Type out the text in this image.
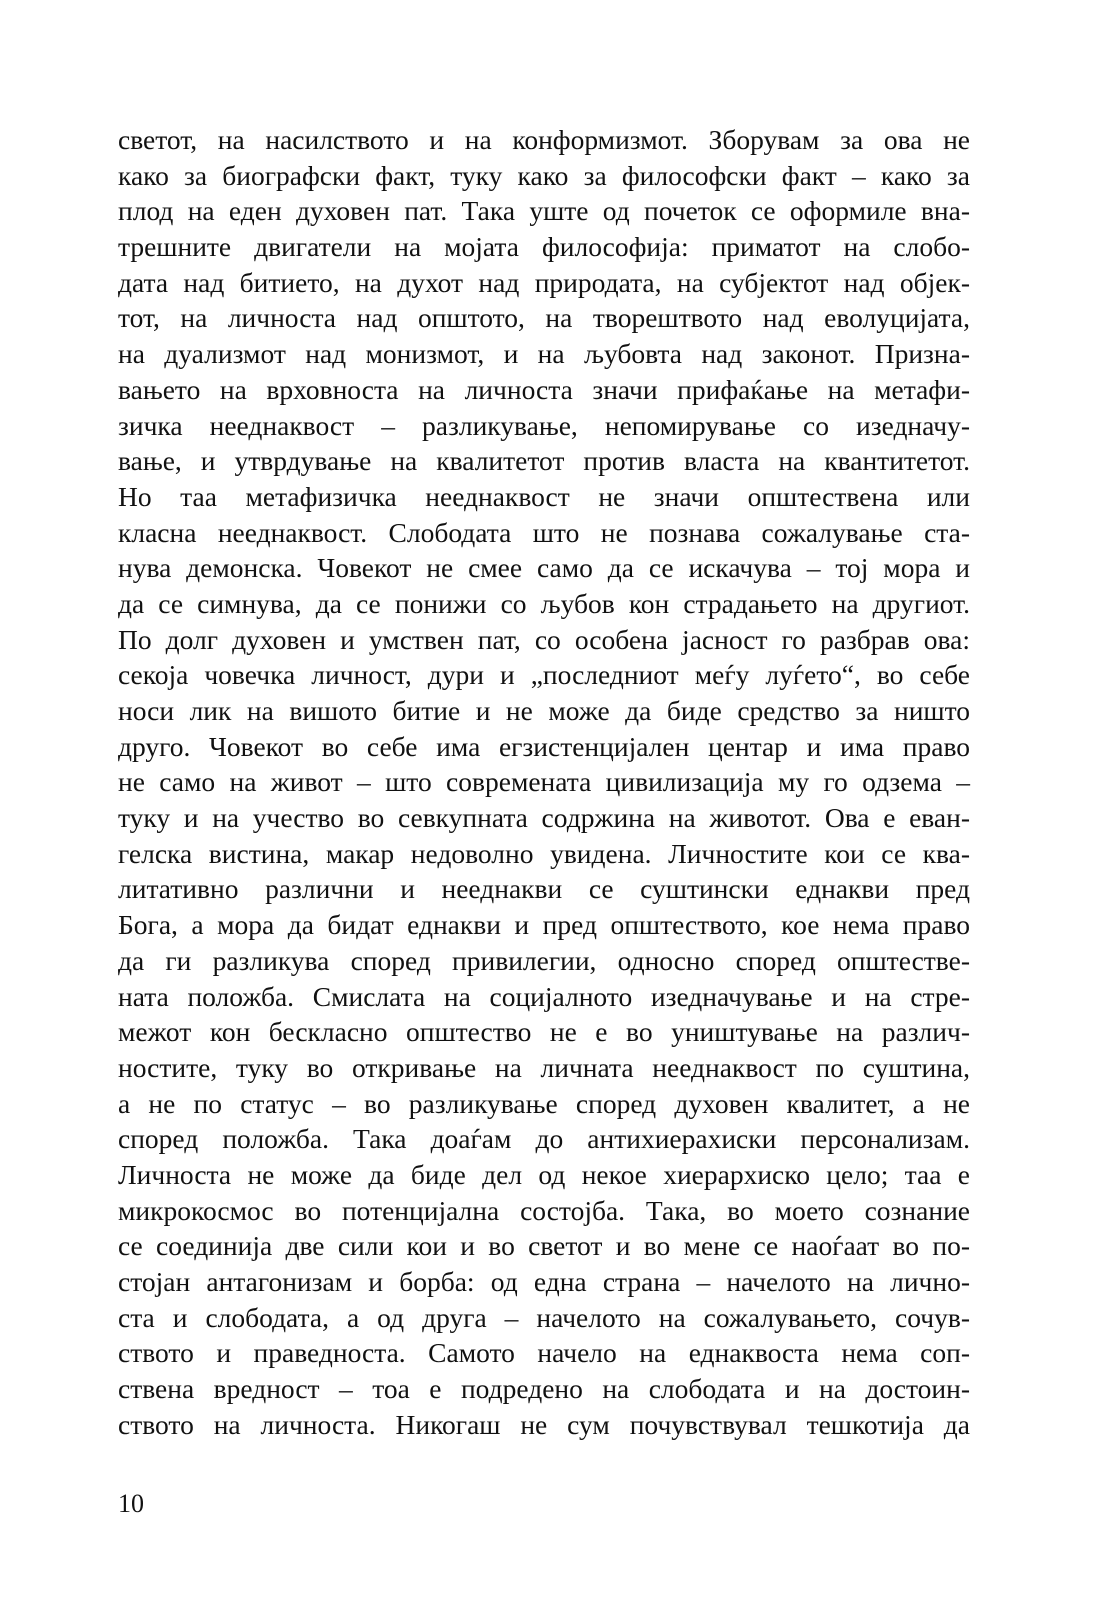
светот, на насилството и на конформизмот. Зборувам за ова не
како за биографски факт, туку како за философски факт – како за
плод на еден духовен пат. Така уште од почеток се оформиле вна-
трешните двигатели на мојата философија: приматот на слобо-
дата над битието, на духот над природата, на субјектот над објек-
тот, на личноста над општото, на творештвото над еволуцијата,
на дуализмот над монизмот, и на љубовта над законот. Призна-
вањето на врховноста на личноста значи прифаќање на метафи-
зичка нееднаквост – разликување, непомирување со изедначу-
вање, и утврдување на квалитетот против власта на квантитетот.
Но таа метафизичка нееднаквост не значи општествена или
класна нееднаквост. Слободата што не познава сожалување ста-
нува демонска. Човекот не смее само да се искачува – тој мора и
да се симнува, да се понижи со љубов кон страдањето на другиот.
По долг духовен и умствен пат, со особена јасност го разбрав ова:
секоја човечка личност, дури и „последниот меѓу луѓето“, во себе
носи лик на вишото битие и не може да биде средство за ништо
друго. Човекот во себе има егзистенцијален центар и има право
не само на живот – што современата цивилизација му го одзема –
туку и на учество во севкупната содржина на животот. Ова е еван-
гелска вистина, макар недоволно увидена. Личностите кои се ква-
литативно различни и нееднакви се суштински еднакви пред
Бога, а мора да бидат еднакви и пред општеството, кое нема право
да ги разликува според привилегии, односно според општестве-
ната положба. Смислата на социјалното изедначување и на стре-
межот кон бескласно општество не е во уништување на различ-
ностите, туку во откривање на личната нееднаквост по суштина,
а не по статус – во разликување според духовен квалитет, а не
според положба. Така доаѓам до антихиерахиски персонализам.
Личноста не може да биде дел од некое хиерархиско цело; таа е
микрокосмос во потенцијална состојба. Така, во моето сознание
се соединија две сили кои и во светот и во мене се наоѓаат во по-
стојан антагонизам и борба: од една страна – начелото на лично-
ста и слободата, а од друга – начелото на сожалувањето, сочув-
ството и праведноста. Самото начело на еднаквоста нема соп-
ствена вредност – тоа е подредено на слободата и на достоин-
ството на личноста. Никогаш не сум почувствувал тешкотија да
10
